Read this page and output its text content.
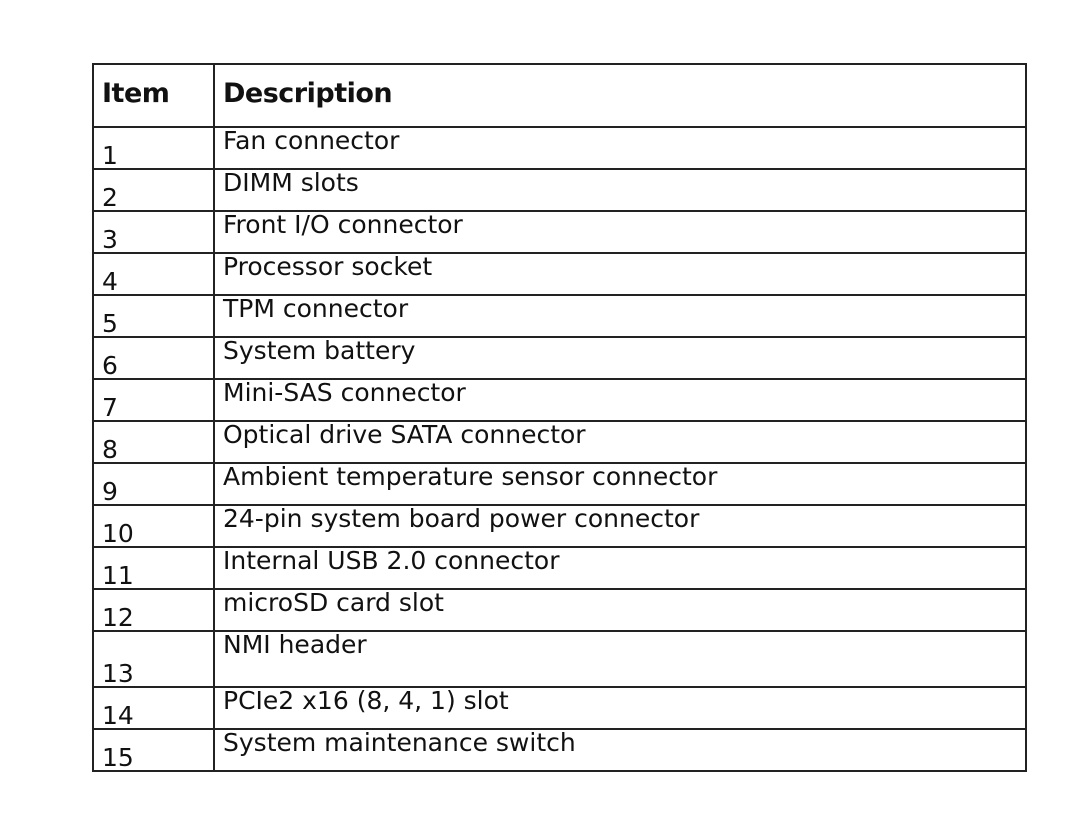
Item	Description
1	Fan connector
2	DIMM slots
3	Front I/O connector
4	Processor socket
5	TPM connector
6	System battery
7	Mini-SAS connector
8	Optical drive SATA connector
9	Ambient temperature sensor connector
10	24-pin system board power connector
11	Internal USB 2.0 connector
12	microSD card slot
13	NMI header
14	PCIe2 x16 (8, 4, 1) slot
15	System maintenance switch
